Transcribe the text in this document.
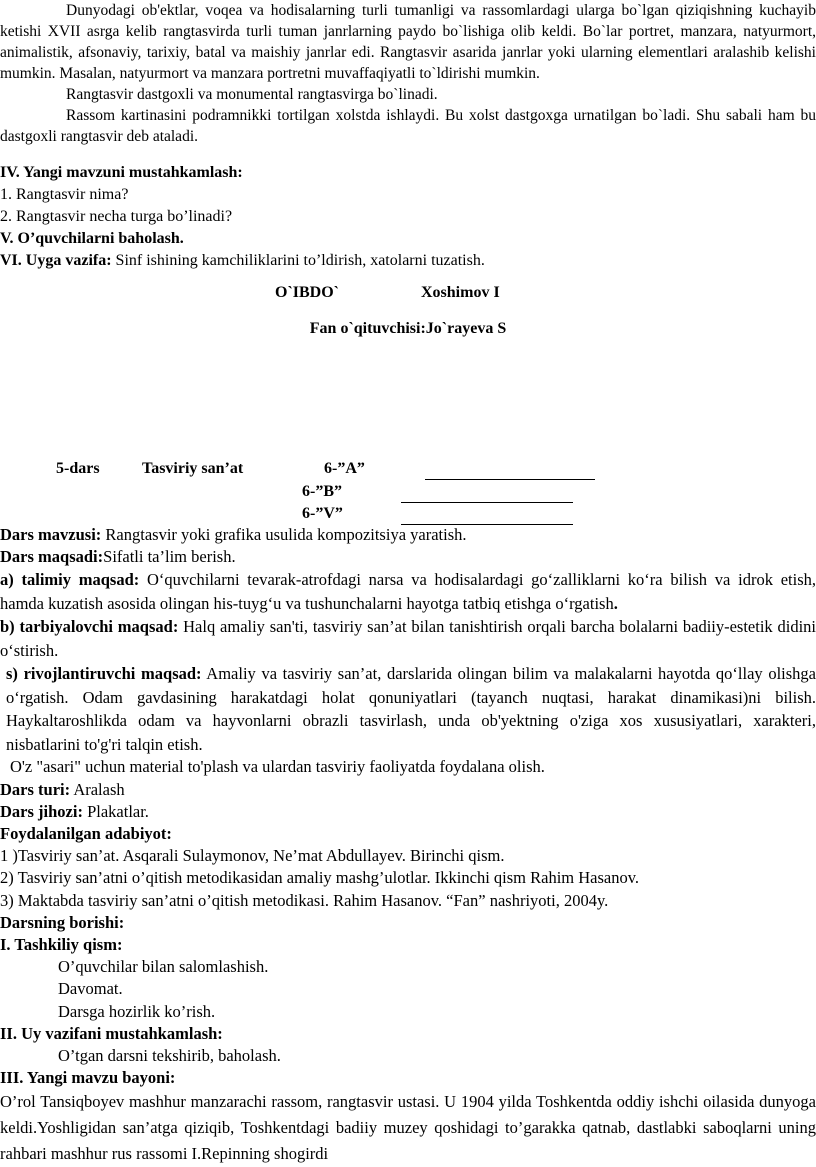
Dunyodagi ob'ektlar, voqea va hodisalarning turli tumanligi va rassomlardagi ularga bo`lgan qiziqishning kuchayib ketishi XVII asrga kelib rangtasvirda turli tuman janrlarning paydo bo`lishiga olib keldi. Bo`lar portret, manzara, natyurmort, animalistik, afsonaviy, tarixiy, batal va maishiy janrlar edi. Rangtasvir asarida janrlar yoki ularning elementlari aralashib kelishi mumkin. Masalan, natyurmort va manzara portretni muvaffaqiyatli to`ldirishi mumkin.

Rangtasvir dastgoxli va monumental rangtasvirga bo`linadi.

Rassom kartinasini podramnikki tortilgan xolstda ishlaydi. Bu xolst dastgoxga urnatilgan bo`ladi. Shu sabali ham bu dastgoxli rangtasvir deb ataladi.

IV. Yangi mavzuni mustahkamlash:

1. Rangtasvir nima?

2. Rangtasvir necha turga bo’linadi?

V. O’quvchilarni baholash.

VI. Uyga vazifa: Sinf ishining kamchiliklarini to’ldirish, xatolarni tuzatish.

O`IBDO`	Xoshimov I
Fan o`qituvchisi:Jo`rayeva S
5-dars	Tasviriy san’at	6-”A”
6-”B”
6-”V”

Dars mavzusi: Rangtasvir yoki grafika usulida kompozitsiya yaratish.

Dars maqsadi:Sifatli ta’lim berish.

a) talimiy maqsad: O‘quvchilarni tevarak-atrofdagi narsa va hodisalardagi go‘zalliklarni ko‘ra bilish va idrok etish, hamda kuzatish asosida olingan his-tuyg‘u va tushunchalarni hayotga tatbiq etishga o‘rgatish.

b) tarbiyalovchi maqsad: Halq amaliy san'ti, tasviriy san’at bilan tanishtirish orqali barcha bolalarni badiiy-estetik didini o‘stirish.

s) rivojlantiruvchi maqsad: Amaliy va tasviriy san’at, darslarida olingan bilim va malakalarni hayotda qo‘llay olishga o‘rgatish. Odam gavdasining harakatdagi holat qonuniyatlari (tayanch nuqtasi, harakat dinamikasi)ni bilish. Haykaltaroshlikda odam va hayvonlarni obrazli tasvirlash, unda ob'yektning o'ziga xos xususiyatlari, xarakteri, nisbatlarini to'g'ri talqin etish.

O'z "asari" uchun material to'plash va ulardan tasviriy faoliyatda foydalana olish.

Dars turi: Aralash

Dars jihozi: Plakatlar.

Foydalanilgan adabiyot:

1 )Tasviriy san’at. Asqarali Sulaymonov, Ne’mat Abdullayev. Birinchi qism.

2) Tasviriy san’atni o’qitish metodikasidan amaliy mashg’ulotlar. Ikkinchi qism Rahim Hasanov.

3) Maktabda tasviriy san’atni o’qitish metodikasi. Rahim Hasanov. “Fan” nashriyoti, 2004y.

Darsning borishi:

I. Tashkiliy qism:

O’quvchilar bilan salomlashish.

Davomat.

Darsga hozirlik ko’rish.

II. Uy vazifani mustahkamlash:

O’tgan darsni tekshirib, baholash.

III. Yangi mavzu bayoni:

O’rol Tansiqboyev mashhur manzarachi rassom, rangtasvir ustasi. U 1904 yilda Toshkentda oddiy ishchi oilasida dunyoga keldi.Yoshligidan san’atga qiziqib, Toshkentdagi badiiy muzey qoshidagi to’garakka qatnab, dastlabki saboqlarni uning rahbari mashhur rus rassomi I.Repinning shogirdi
